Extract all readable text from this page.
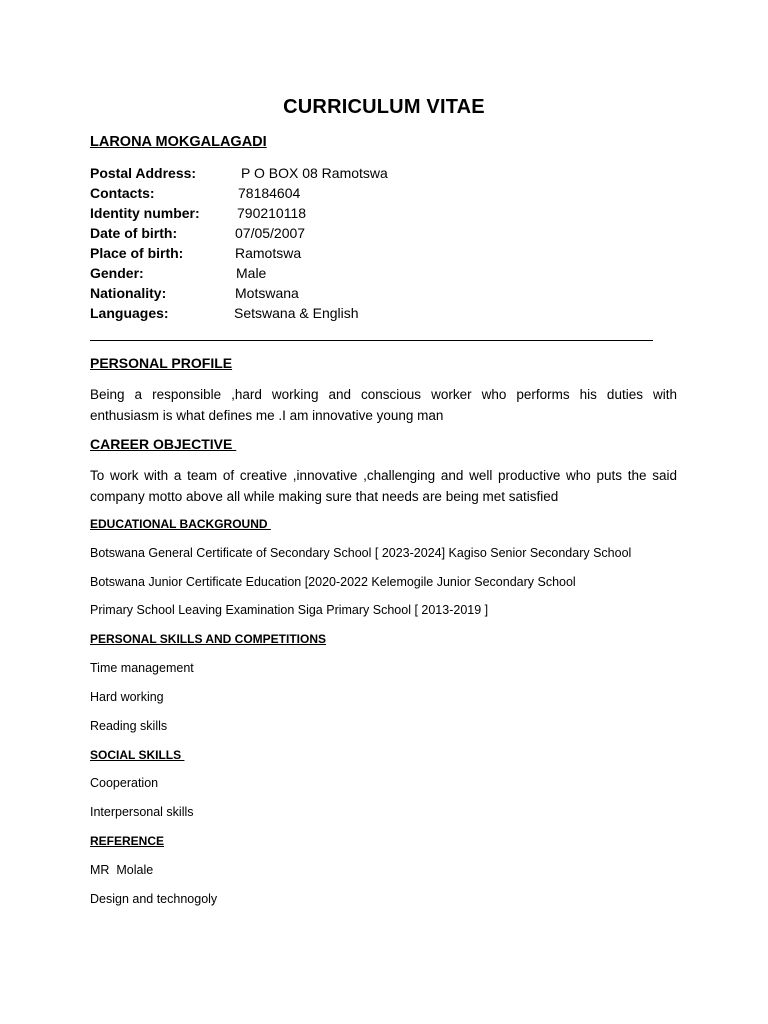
CURRICULUM VITAE
LARONA MOKGALAGADI
Postal Address:	P O BOX 08 Ramotswa
Contacts:	78184604
Identity number:	790210118
Date of birth:	07/05/2007
Place of birth:	Ramotswa
Gender:	Male
Nationality:	Motswana
Languages:	Setswana & English
PERSONAL PROFILE
Being a responsible ,hard working and conscious worker who performs his duties with
enthusiasm is what defines me .I am innovative young man
CAREER OBJECTIVE
To work with a team of creative ,innovative ,challenging and well productive who puts the said
company motto above all while making sure that needs are being met satisfied
EDUCATIONAL BACKGROUND
Botswana General Certificate of Secondary School [ 2023-2024] Kagiso Senior Secondary School
Botswana Junior Certificate Education [2020-2022 Kelemogile Junior Secondary School
Primary School Leaving Examination Siga Primary School [ 2013-2019 ]
PERSONAL SKILLS AND COMPETITIONS
Time management
Hard working
Reading skills
SOCIAL SKILLS
Cooperation
Interpersonal skills
REFERENCE
MR  Molale
Design and technogoly
